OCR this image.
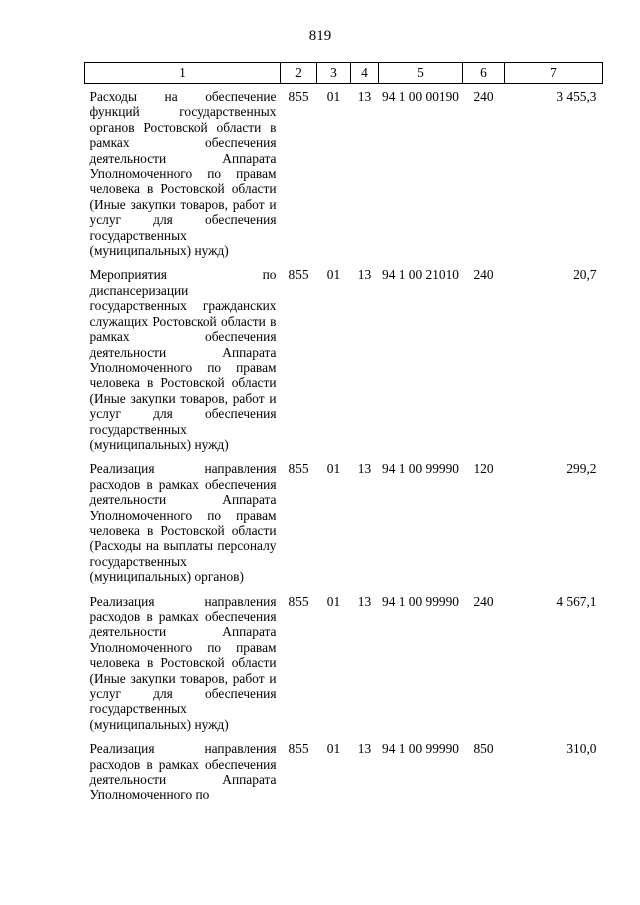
819
1	2	3	4	5	6	7

Расходы на обеспечение функций государственных органов Ростовской области в рамках обеспечения деятельности Аппарата Уполномоченного по правам человека в Ростовской области (Иные закупки товаров, работ и услуг для обеспечения государственных (муниципальных) нужд)	855	01	13	94 1 00 00190	240	3 455,3

Мероприятия по диспансеризации государственных гражданских служащих Ростовской области в рамках обеспечения деятельности Аппарата Уполномоченного по правам человека в Ростовской области (Иные закупки товаров, работ и услуг для обеспечения государственных (муниципальных) нужд)	855	01	13	94 1 00 21010	240	20,7

Реализация направления расходов в рамках обеспечения деятельности Аппарата Уполномоченного по правам человека в Ростовской области (Расходы на выплаты персоналу государственных (муниципальных) органов)	855	01	13	94 1 00 99990	120	299,2

Реализация направления расходов в рамках обеспечения деятельности Аппарата Уполномоченного по правам человека в Ростовской области (Иные закупки товаров, работ и услуг для обеспечения государственных (муниципальных) нужд)	855	01	13	94 1 00 99990	240	4 567,1

Реализация направления расходов в рамках обеспечения деятельности Аппарата Уполномоченного по	855	01	13	94 1 00 99990	850	310,0
